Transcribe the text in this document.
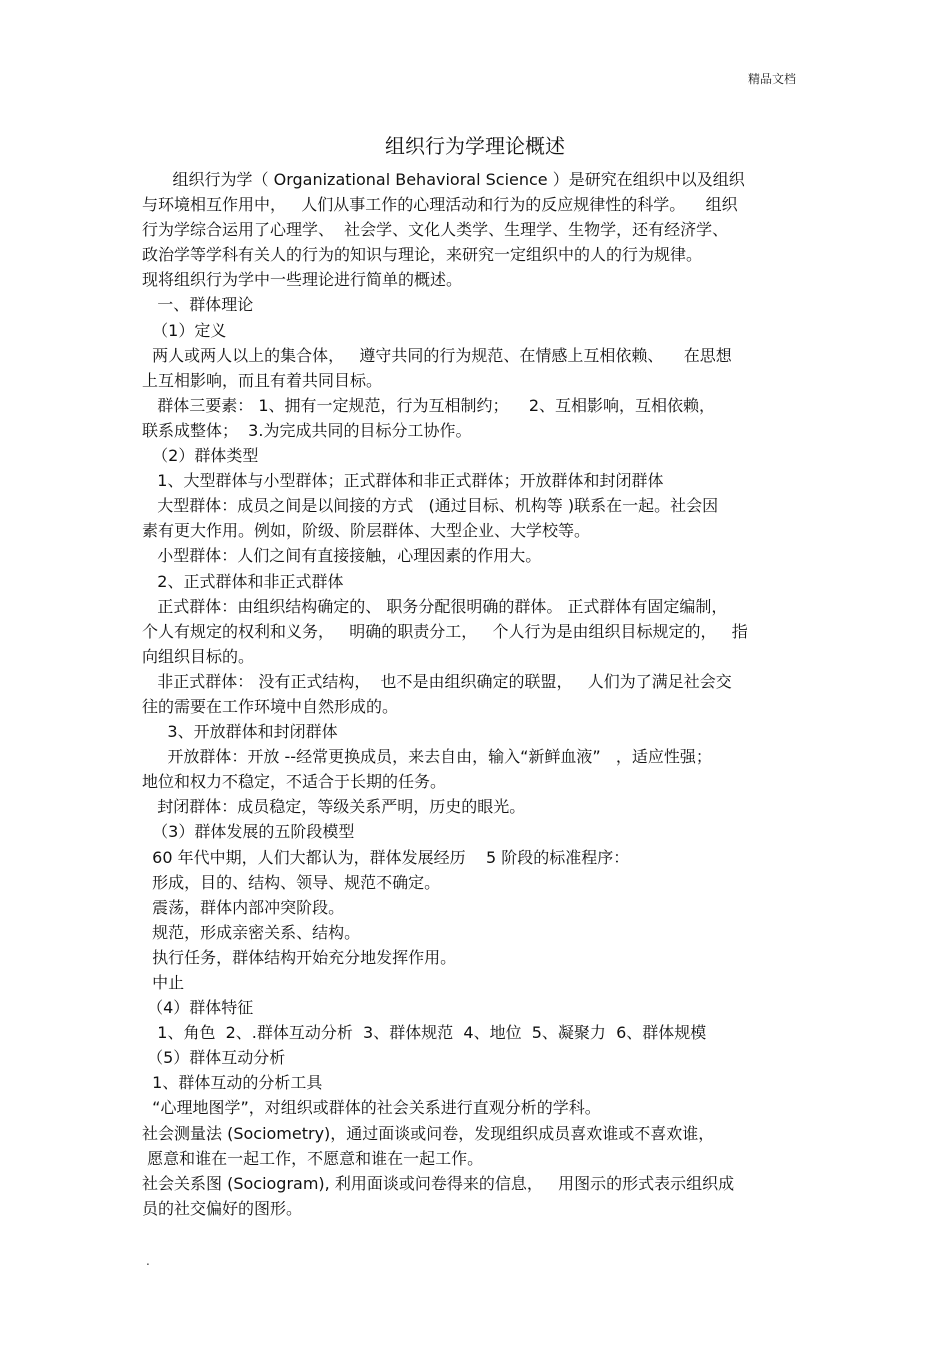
精品文档
组织行为学理论概述
组织行为学（ Organizational Behavioral Science ）是研究在组织中以及组织
与环境相互作用中，   人们从事工作的心理活动和行为的反应规律性的科学。    组织
行为学综合运用了心理学、  社会学、文化人类学、生理学、生物学，还有经济学、
政治学等学科有关人的行为的知识与理论，来研究一定组织中的人的行为规律。
现将组织行为学中一些理论进行简单的概述。
一、群体理论
（1）定义
两人或两人以上的集合体，   遵守共同的行为规范、在情感上互相依赖、    在思想
上互相影响，而且有着共同目标。
群体三要素： 1、拥有一定规范，行为互相制约；    2、互相影响，互相依赖，
联系成整体；  3.为完成共同的目标分工协作。
（2）群体类型
1、大型群体与小型群体；正式群体和非正式群体；开放群体和封闭群体
大型群体：成员之间是以间接的方式   (通过目标、机构等 )联系在一起。社会因
素有更大作用。例如，阶级、阶层群体、大型企业、大学校等。
小型群体：人们之间有直接接触，心理因素的作用大。
2、正式群体和非正式群体
正式群体：由组织结构确定的、 职务分配很明确的群体。 正式群体有固定编制，
个人有规定的权利和义务，   明确的职责分工，   个人行为是由组织目标规定的，   指
向组织目标的。
非正式群体： 没有正式结构，  也不是由组织确定的联盟，   人们为了满足社会交
往的需要在工作环境中自然形成的。
3、开放群体和封闭群体
开放群体：开放 --经常更换成员，来去自由，输入“新鲜血液”   ，适应性强；
地位和权力不稳定，不适合于长期的任务。
封闭群体：成员稳定，等级关系严明，历史的眼光。
（3）群体发展的五阶段模型
60 年代中期，人们大都认为，群体发展经历    5 阶段的标准程序：
形成，目的、结构、领导、规范不确定。
震荡，群体内部冲突阶段。
规范，形成亲密关系、结构。
执行任务，群体结构开始充分地发挥作用。
中止
（4）群体特征
1、角色  2、.群体互动分析  3、群体规范  4、地位  5、凝聚力  6、群体规模
（5）群体互动分析
1、群体互动的分析工具
“心理地图学”，对组织或群体的社会关系进行直观分析的学科。
社会测量法 (Sociometry)，通过面谈或问卷，发现组织成员喜欢谁或不喜欢谁，
愿意和谁在一起工作，不愿意和谁在一起工作。
社会关系图 (Sociogram), 利用面谈或问卷得来的信息，   用图示的形式表示组织成
员的社交偏好的图形。
.
